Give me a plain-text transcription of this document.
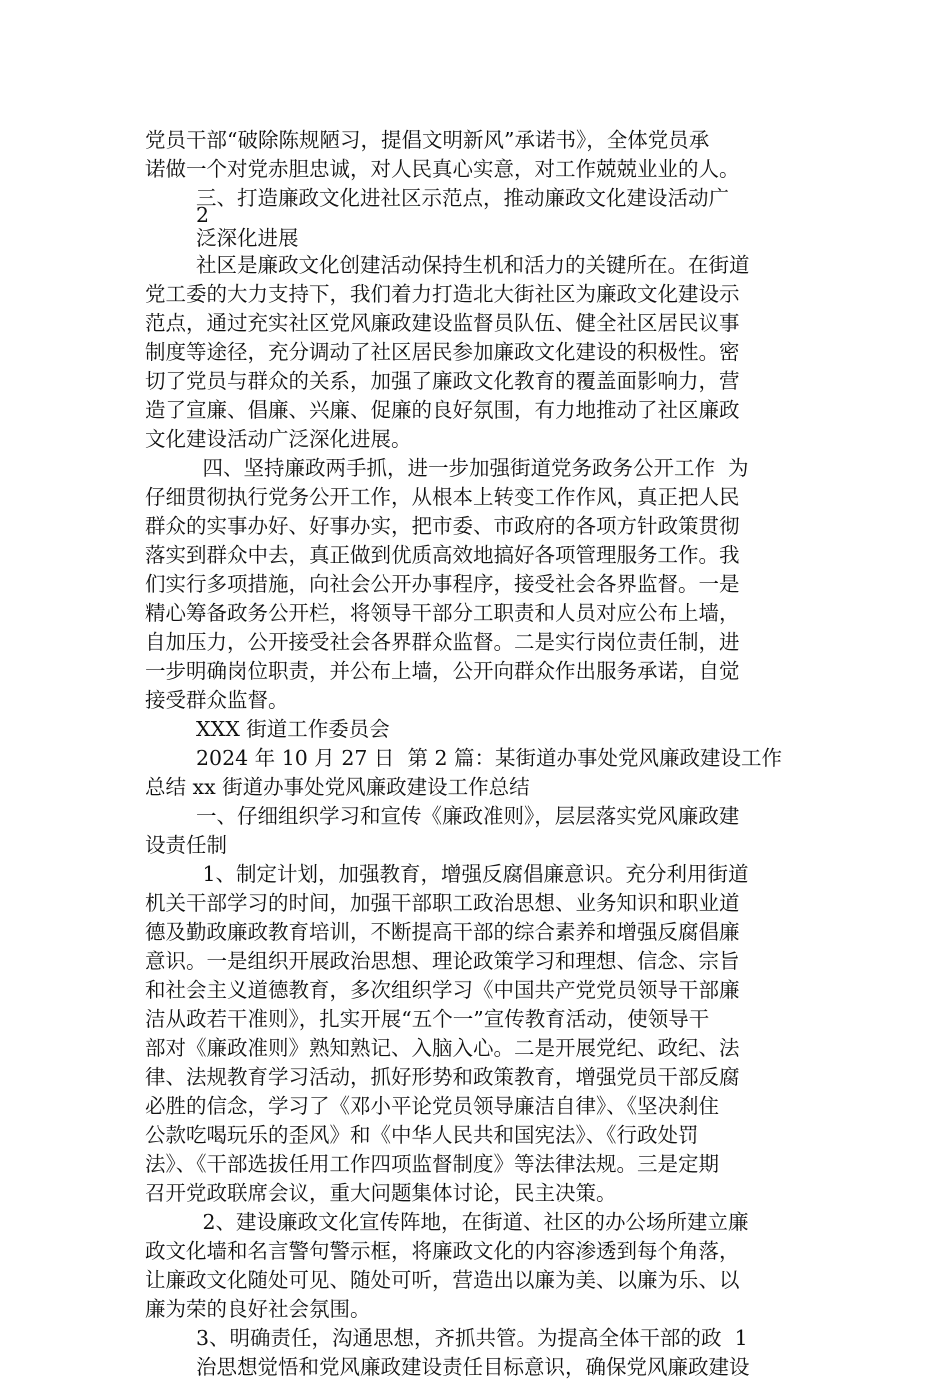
党员干部“破除陈规陋习，提倡文明新风”承诺书》，全体党员承
诺做一个对党赤胆忠诚，对人民真心实意，对工作兢兢业业的人。
三、打造廉政文化进社区示范点，推动廉政文化建设活动广
2
泛深化进展
社区是廉政文化创建活动保持生机和活力的关键所在。在街道
党工委的大力支持下，我们着力打造北大街社区为廉政文化建设示
范点，通过充实社区党风廉政建设监督员队伍、健全社区居民议事
制度等途径，充分调动了社区居民参加廉政文化建设的积极性。密
切了党员与群众的关系，加强了廉政文化教育的覆盖面影响力，营
造了宣廉、倡廉、兴廉、促廉的良好氛围，有力地推动了社区廉政
文化建设活动广泛深化进展。
四、坚持廉政两手抓，进一步加强街道党务政务公开工作  为
仔细贯彻执行党务公开工作，从根本上转变工作作风，真正把人民
群众的实事办好、好事办实，把市委、市政府的各项方针政策贯彻
落实到群众中去，真正做到优质高效地搞好各项管理服务工作。我
们实行多项措施，向社会公开办事程序，接受社会各界监督。一是
精心筹备政务公开栏，将领导干部分工职责和人员对应公布上墙，
自加压力，公开接受社会各界群众监督。二是实行岗位责任制，进
一步明确岗位职责，并公布上墙，公开向群众作出服务承诺，自觉
接受群众监督。
XXX 街道工作委员会
2024 年 10 月 27 日  第 2 篇：某街道办事处党风廉政建设工作
总结 xx 街道办事处党风廉政建设工作总结
一、仔细组织学习和宣传《廉政准则》，层层落实党风廉政建
设责任制
1、制定计划，加强教育，增强反腐倡廉意识。充分利用街道
机关干部学习的时间，加强干部职工政治思想、业务知识和职业道
德及勤政廉政教育培训，不断提高干部的综合素养和增强反腐倡廉
意识。一是组织开展政治思想、理论政策学习和理想、信念、宗旨
和社会主义道德教育，多次组织学习《中国共产党党员领导干部廉
洁从政若干准则》，扎实开展“五个一”宣传教育活动，使领导干
部对《廉政准则》熟知熟记、入脑入心。二是开展党纪、政纪、法
律、法规教育学习活动，抓好形势和政策教育，增强党员干部反腐
必胜的信念，学习了《邓小平论党员领导廉洁自律》、《坚决刹住
公款吃喝玩乐的歪风》和《中华人民共和国宪法》、《行政处罚
法》、《干部选拔任用工作四项监督制度》等法律法规。三是定期
召开党政联席会议，重大问题集体讨论，民主决策。
2、建设廉政文化宣传阵地，在街道、社区的办公场所建立廉
政文化墙和名言警句警示框，将廉政文化的内容渗透到每个角落，
让廉政文化随处可见、随处可听，营造出以廉为美、以廉为乐、以
廉为荣的良好社会氛围。
3、明确责任，沟通思想，齐抓共管。为提高全体干部的政  1
治思想觉悟和党风廉政建设责任目标意识，确保党风廉政建设
